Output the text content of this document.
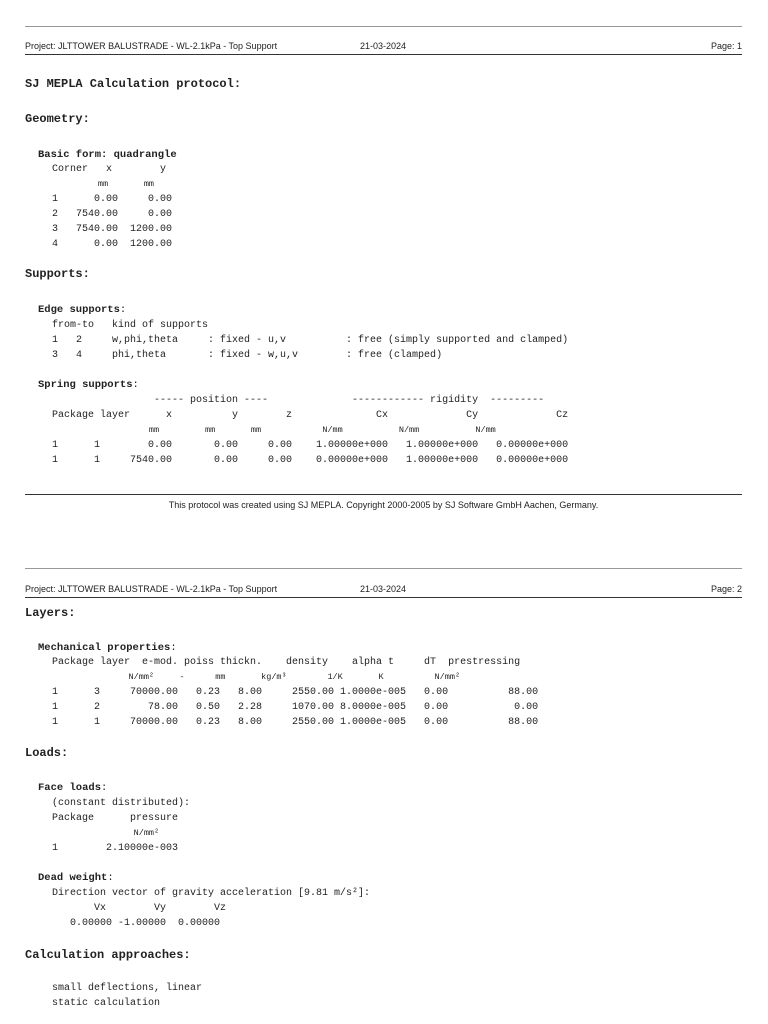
Project: JLTTOWER BALUSTRADE - WL-2.1kPa - Top Support	21-03-2024	Page: 1
SJ MEPLA Calculation protocol:
Geometry:
Basic form: quadrangle
Corner   x        y
mm       mm
1      0.00     0.00
2   7540.00     0.00
3   7540.00  1200.00
4      0.00  1200.00
Supports:
Edge supports:
from-to   kind of supports
1   2     w,phi,theta     : fixed - u,v          : free (simply supported and clamped)
3   4     phi,theta       : fixed - w,u,v        : free (clamped)
Spring supports:
----- position ----              ------------ rigidity  ---------
Package layer      x          y        z              Cx             Cy             Cz
mm         mm       mm            N/mm           N/mm           N/mm
1      1        0.00       0.00     0.00    1.00000e+000   1.00000e+000   0.00000e+000
1      1     7540.00       0.00     0.00    0.00000e+000   1.00000e+000   0.00000e+000
This protocol was created using SJ MEPLA. Copyright 2000-2005 by SJ Software GmbH Aachen, Germany.
Project: JLTTOWER BALUSTRADE - WL-2.1kPa - Top Support	21-03-2024	Page: 2
Layers:
Mechanical properties:
Package layer  e-mod. poiss thickn.    density    alpha t     dT  prestressing
N/mm²     -      mm       kg/m³        1/K       K          N/mm²
1      3     70000.00   0.23   8.00     2550.00 1.0000e-005   0.00          88.00
1      2        78.00   0.50   2.28     1070.00 8.0000e-005   0.00           0.00
1      1     70000.00   0.23   8.00     2550.00 1.0000e-005   0.00          88.00
Loads:
Face loads:
(constant distributed):
Package      pressure
N/mm²
1        2.10000e-003
Dead weight:
Direction vector of gravity acceleration [9.81 m/s²]:
Vx        Vy        Vz
0.00000 -1.00000  0.00000
Calculation approaches:
small deflections, linear
static calculation
